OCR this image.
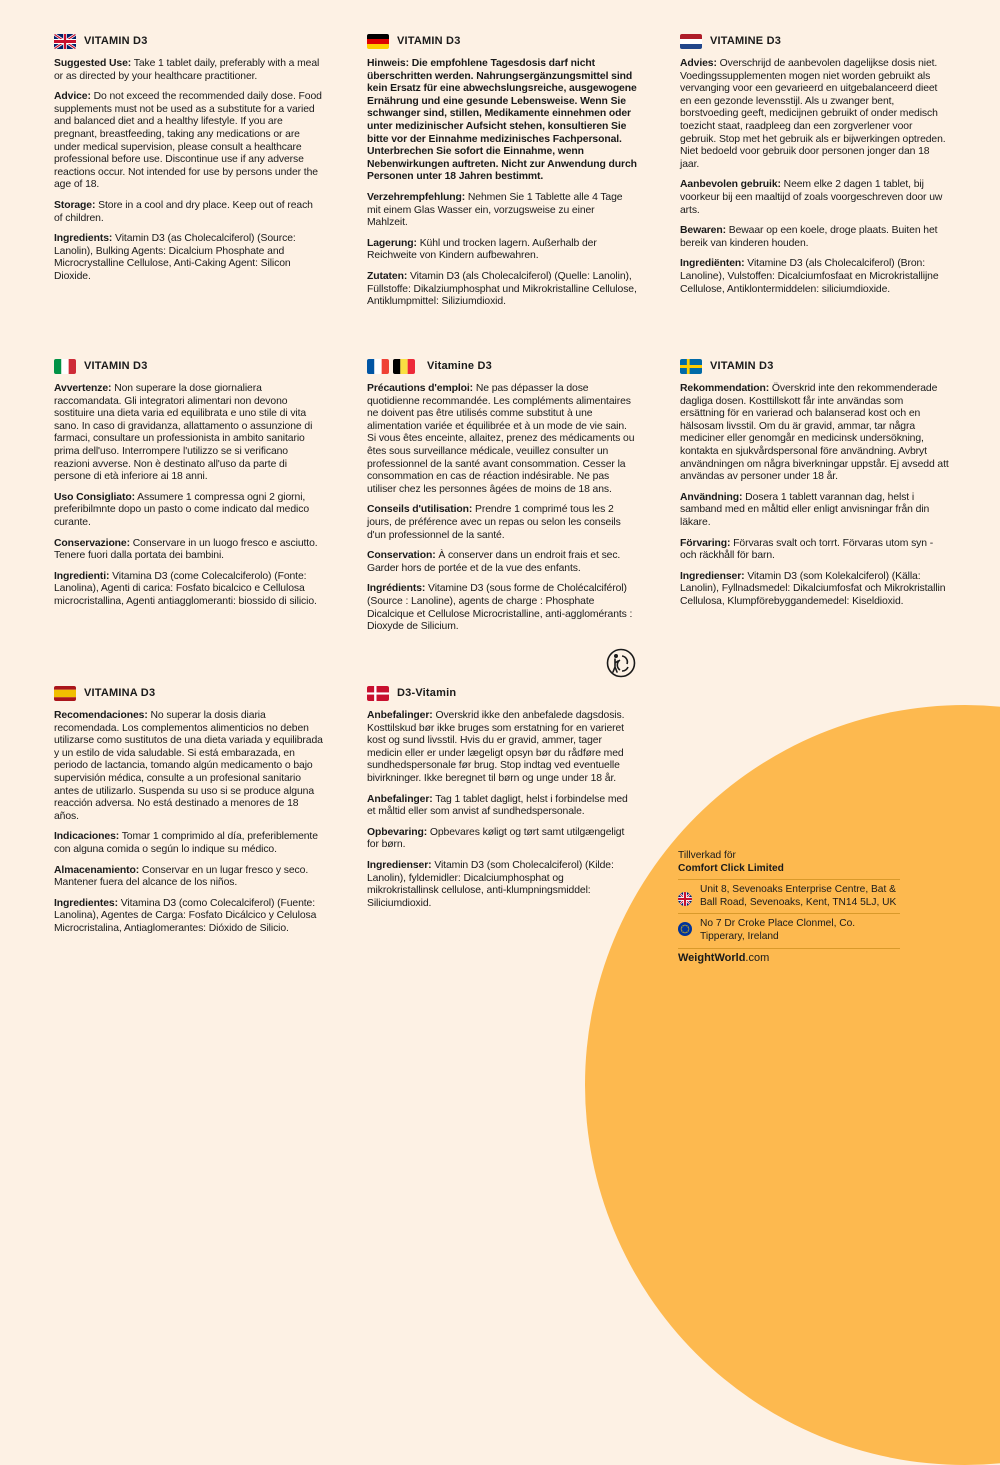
VITAMIN D3

Suggested Use: Take 1 tablet daily, preferably with a meal or as directed by your healthcare practitioner.

Advice: Do not exceed the recommended daily dose. Food supplements must not be used as a substitute for a varied and balanced diet and a healthy lifestyle. If you are pregnant, breastfeeding, taking any medications or are under medical supervision, please consult a healthcare professional before use. Discontinue use if any adverse reactions occur. Not intended for use by persons under the age of 18.

Storage: Store in a cool and dry place. Keep out of reach of children.

Ingredients: Vitamin D3 (as Cholecalciferol) (Source: Lanolin), Bulking Agents: Dicalcium Phosphate and Microcrystalline Cellulose, Anti-Caking Agent: Silicon Dioxide.

VITAMIN D3

Hinweis: Die empfohlene Tagesdosis darf nicht überschritten werden. Nahrungsergänzungsmittel sind kein Ersatz für eine abwechslungsreiche, ausgewogene Ernährung und eine gesunde Lebensweise. Wenn Sie schwanger sind, stillen, Medikamente einnehmen oder unter medizinischer Aufsicht stehen, konsultieren Sie bitte vor der Einnahme medizinisches Fachpersonal. Unterbrechen Sie sofort die Einnahme, wenn Nebenwirkungen auftreten. Nicht zur Anwendung durch Personen unter 18 Jahren bestimmt.

Verzehrempfehlung: Nehmen Sie 1 Tablette alle 4 Tage mit einem Glas Wasser ein, vorzugsweise zu einer Mahlzeit.

Lagerung: Kühl und trocken lagern. Außerhalb der Reichweite von Kindern aufbewahren.

Zutaten: Vitamin D3 (als Cholecalciferol) (Quelle: Lanolin), Füllstoffe: Dikalziumphosphat und Mikrokristalline Cellulose, Antiklumpmittel: Siliziumdioxid.

VITAMINE D3

Advies: Overschrijd de aanbevolen dagelijkse dosis niet. Voedingssupplementen mogen niet worden gebruikt als vervanging voor een gevarieerd en uitgebalanceerd dieet en een gezonde levensstijl. Als u zwanger bent, borstvoeding geeft, medicijnen gebruikt of onder medisch toezicht staat, raadpleeg dan een zorgverlener voor gebruik. Stop met het gebruik als er bijwerkingen optreden. Niet bedoeld voor gebruik door personen jonger dan 18 jaar.

Aanbevolen gebruik: Neem elke 2 dagen 1 tablet, bij voorkeur bij een maaltijd of zoals voorgeschreven door uw arts.

Bewaren: Bewaar op een koele, droge plaats. Buiten het bereik van kinderen houden.

Ingrediënten: Vitamine D3 (als Cholecalciferol) (Bron: Lanoline), Vulstoffen: Dicalciumfosfaat en Microkristallijne Cellulose, Antiklontermiddelen: siliciumdioxide.

VITAMIN D3

Avvertenze: Non superare la dose giornaliera raccomandata. Gli integratori alimentari non devono sostituire una dieta varia ed equilibrata e uno stile di vita sano. In caso di gravidanza, allattamento o assunzione di farmaci, consultare un professionista in ambito sanitario prima dell'uso. Interrompere l'utilizzo se si verificano reazioni avverse. Non è destinato all'uso da parte di persone di età inferiore ai 18 anni.

Uso Consigliato: Assumere 1 compressa ogni 2 giorni, preferibilmnte dopo un pasto o come indicato dal medico curante.

Conservazione: Conservare in un luogo fresco e asciutto. Tenere fuori dalla portata dei bambini.

Ingredienti: Vitamina D3 (come Colecalciferolo) (Fonte: Lanolina), Agenti di carica: Fosfato bicalcico e Cellulosa microcristallina, Agenti antiagglomeranti: biossido di silicio.

Vitamine D3

Précautions d'emploi: Ne pas dépasser la dose quotidienne recommandée. Les compléments alimentaires ne doivent pas être utilisés comme substitut à une alimentation variée et équilibrée et à un mode de vie sain. Si vous êtes enceinte, allaitez, prenez des médicaments ou êtes sous surveillance médicale, veuillez consulter un professionnel de la santé avant consommation. Cesser la consommation en cas de réaction indésirable. Ne pas utiliser chez les personnes âgées de moins de 18 ans.

Conseils d'utilisation: Prendre 1 comprimé tous les 2 jours, de préférence avec un repas ou selon les conseils d'un professionnel de la santé.

Conservation: À conserver dans un endroit frais et sec. Garder hors de portée et de la vue des enfants.

Ingrédients: Vitamine D3 (sous forme de Cholécalciférol) (Source : Lanoline), agents de charge : Phosphate Dicalcique et Cellulose Microcristalline, anti-agglomérants : Dioxyde de Silicium.

VITAMIN D3

Rekommendation: Överskrid inte den rekommenderade dagliga dosen. Kosttillskott får inte användas som ersättning för en varierad och balanserad kost och en hälsosam livsstil. Om du är gravid, ammar, tar några mediciner eller genomgår en medicinsk undersökning, kontakta en sjukvårdspersonal före användning. Avbryt användningen om några biverkningar uppstår. Ej avsedd att användas av personer under 18 år.

Användning: Dosera 1 tablett varannan dag, helst i samband med en måltid eller enligt anvisningar från din läkare.

Förvaring: Förvaras svalt och torrt. Förvaras utom syn - och räckhåll för barn.

Ingredienser: Vitamin D3 (som Kolekalciferol) (Källa: Lanolin), Fyllnadsmedel: Dikalciumfosfat och Mikrokristallin Cellulosa, Klumpförebyggandemedel: Kiseldioxid.

VITAMINA D3

Recomendaciones: No superar la dosis diaria recomendada. Los complementos alimenticios no deben utilizarse como sustitutos de una dieta variada y equilibrada y un estilo de vida saludable. Si está embarazada, en periodo de lactancia, tomando algún medicamento o bajo supervisión médica, consulte a un profesional sanitario antes de utilizarlo. Suspenda su uso si se produce alguna reacción adversa. No está destinado a menores de 18 años.

Indicaciones: Tomar 1 comprimido al día, preferiblemente con alguna comida o según lo indique su médico.

Almacenamiento: Conservar en un lugar fresco y seco. Mantener fuera del alcance de los niños.

Ingredientes: Vitamina D3 (como Colecalciferol) (Fuente: Lanolina), Agentes de Carga: Fosfato Dicálcico y Celulosa Microcristalina, Antiaglomerantes: Dióxido de Silicio.

D3-Vitamin

Anbefalinger: Overskrid ikke den anbefalede dagsdosis. Kosttilskud bør ikke bruges som erstatning for en varieret kost og sund livsstil. Hvis du er gravid, ammer, tager medicin eller er under lægeligt opsyn bør du rådføre med sundhedspersonale før brug. Stop indtag ved eventuelle bivirkninger. Ikke beregnet til børn og unge under 18 år.

Anbefalinger: Tag 1 tablet dagligt, helst i forbindelse med et måltid eller som anvist af sundhedspersonale.

Opbevaring: Opbevares køligt og tørt samt utilgængeligt for børn.

Ingredienser: Vitamin D3 (som Cholecalciferol) (Kilde: Lanolin), fyldemidler: Dicalciumphosphat og mikrokristallinsk cellulose, anti-klumpningsmiddel: Siliciumdioxid.

Tillverkad för
Comfort Click Limited
Unit 8, Sevenoaks Enterprise Centre, Bat & Ball Road, Sevenoaks, Kent, TN14 5LJ, UK
No 7 Dr Croke Place Clonmel, Co. Tipperary, Ireland
WeightWorld.com
